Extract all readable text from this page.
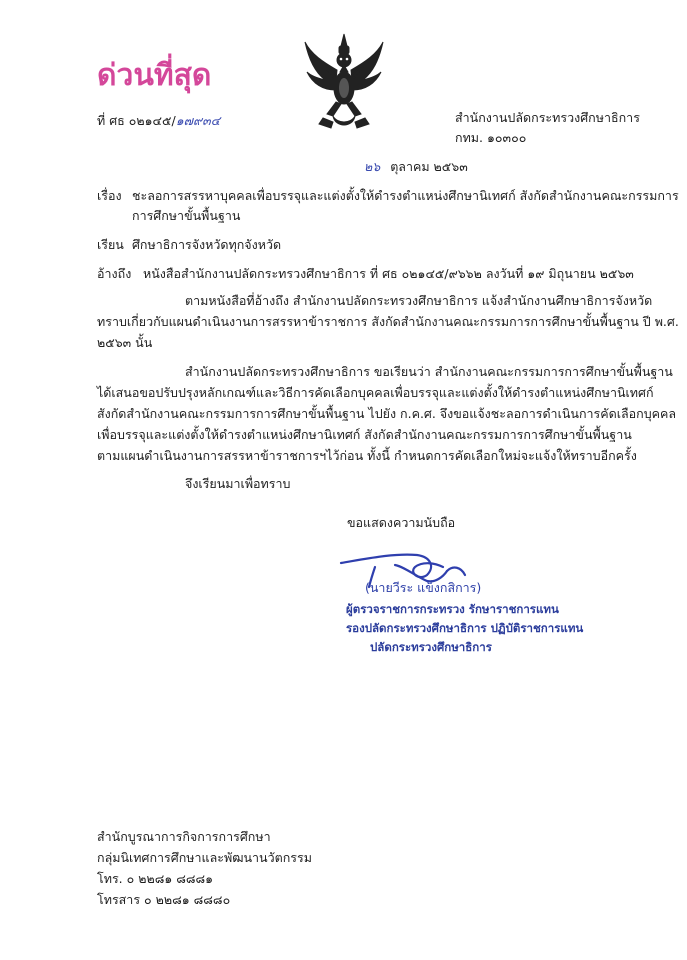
ด่วนที่สุด
ที่ ศธ ๐๒๑๔๕/๑๗๙๓๔	สำนักงานปลัดกระทรวงศึกษาธิการ
กทม. ๑๐๓๐๐
๒๖ ตุลาคม ๒๕๖๓
เรื่อง ชะลอการสรรหาบุคคลเพื่อบรรจุและแต่งตั้งให้ดำรงตำแหน่งศึกษานิเทศก์ สังกัดสำนักงานคณะกรรมการ
การศึกษาขั้นพื้นฐาน
เรียน ศึกษาธิการจังหวัดทุกจังหวัด
อ้างถึง หนังสือสำนักงานปลัดกระทรวงศึกษาธิการ ที่ ศธ ๐๒๑๔๕/๙๖๖๒ ลงวันที่ ๑๙ มิถุนายน ๒๕๖๓
ตามหนังสือที่อ้างถึง สำนักงานปลัดกระทรวงศึกษาธิการ แจ้งสำนักงานศึกษาธิการจังหวัด
ทราบเกี่ยวกับแผนดำเนินงานการสรรหาข้าราชการ สังกัดสำนักงานคณะกรรมการการศึกษาขั้นพื้นฐาน ปี พ.ศ.
๒๕๖๓ นั้น
สำนักงานปลัดกระทรวงศึกษาธิการ ขอเรียนว่า สำนักงานคณะกรรมการการศึกษาขั้นพื้นฐาน
ได้เสนอขอปรับปรุงหลักเกณฑ์และวิธีการคัดเลือกบุคคลเพื่อบรรจุและแต่งตั้งให้ดำรงตำแหน่งศึกษานิเทศก์
สังกัดสำนักงานคณะกรรมการการศึกษาขั้นพื้นฐาน ไปยัง ก.ค.ศ. จึงขอแจ้งชะลอการดำเนินการคัดเลือกบุคคล
เพื่อบรรจุและแต่งตั้งให้ดำรงตำแหน่งศึกษานิเทศก์ สังกัดสำนักงานคณะกรรมการการศึกษาขั้นพื้นฐาน
ตามแผนดำเนินงานการสรรหาข้าราชการฯไว้ก่อน ทั้งนี้ กำหนดการคัดเลือกใหม่จะแจ้งให้ทราบอีกครั้ง
จึงเรียนมาเพื่อทราบ
ขอแสดงความนับถือ
(นายวีระ แข็งกสิการ)
ผู้ตรวจราชการกระทรวง รักษาราชการแทน
รองปลัดกระทรวงศึกษาธิการ ปฏิบัติราชการแทน
ปลัดกระทรวงศึกษาธิการ
สำนักบูรณาการกิจการการศึกษา
กลุ่มนิเทศการศึกษาและพัฒนานวัตกรรม
โทร. ๐ ๒๒๘๑ ๘๘๘๑
โทรสาร ๐ ๒๒๘๑ ๘๘๘๐
